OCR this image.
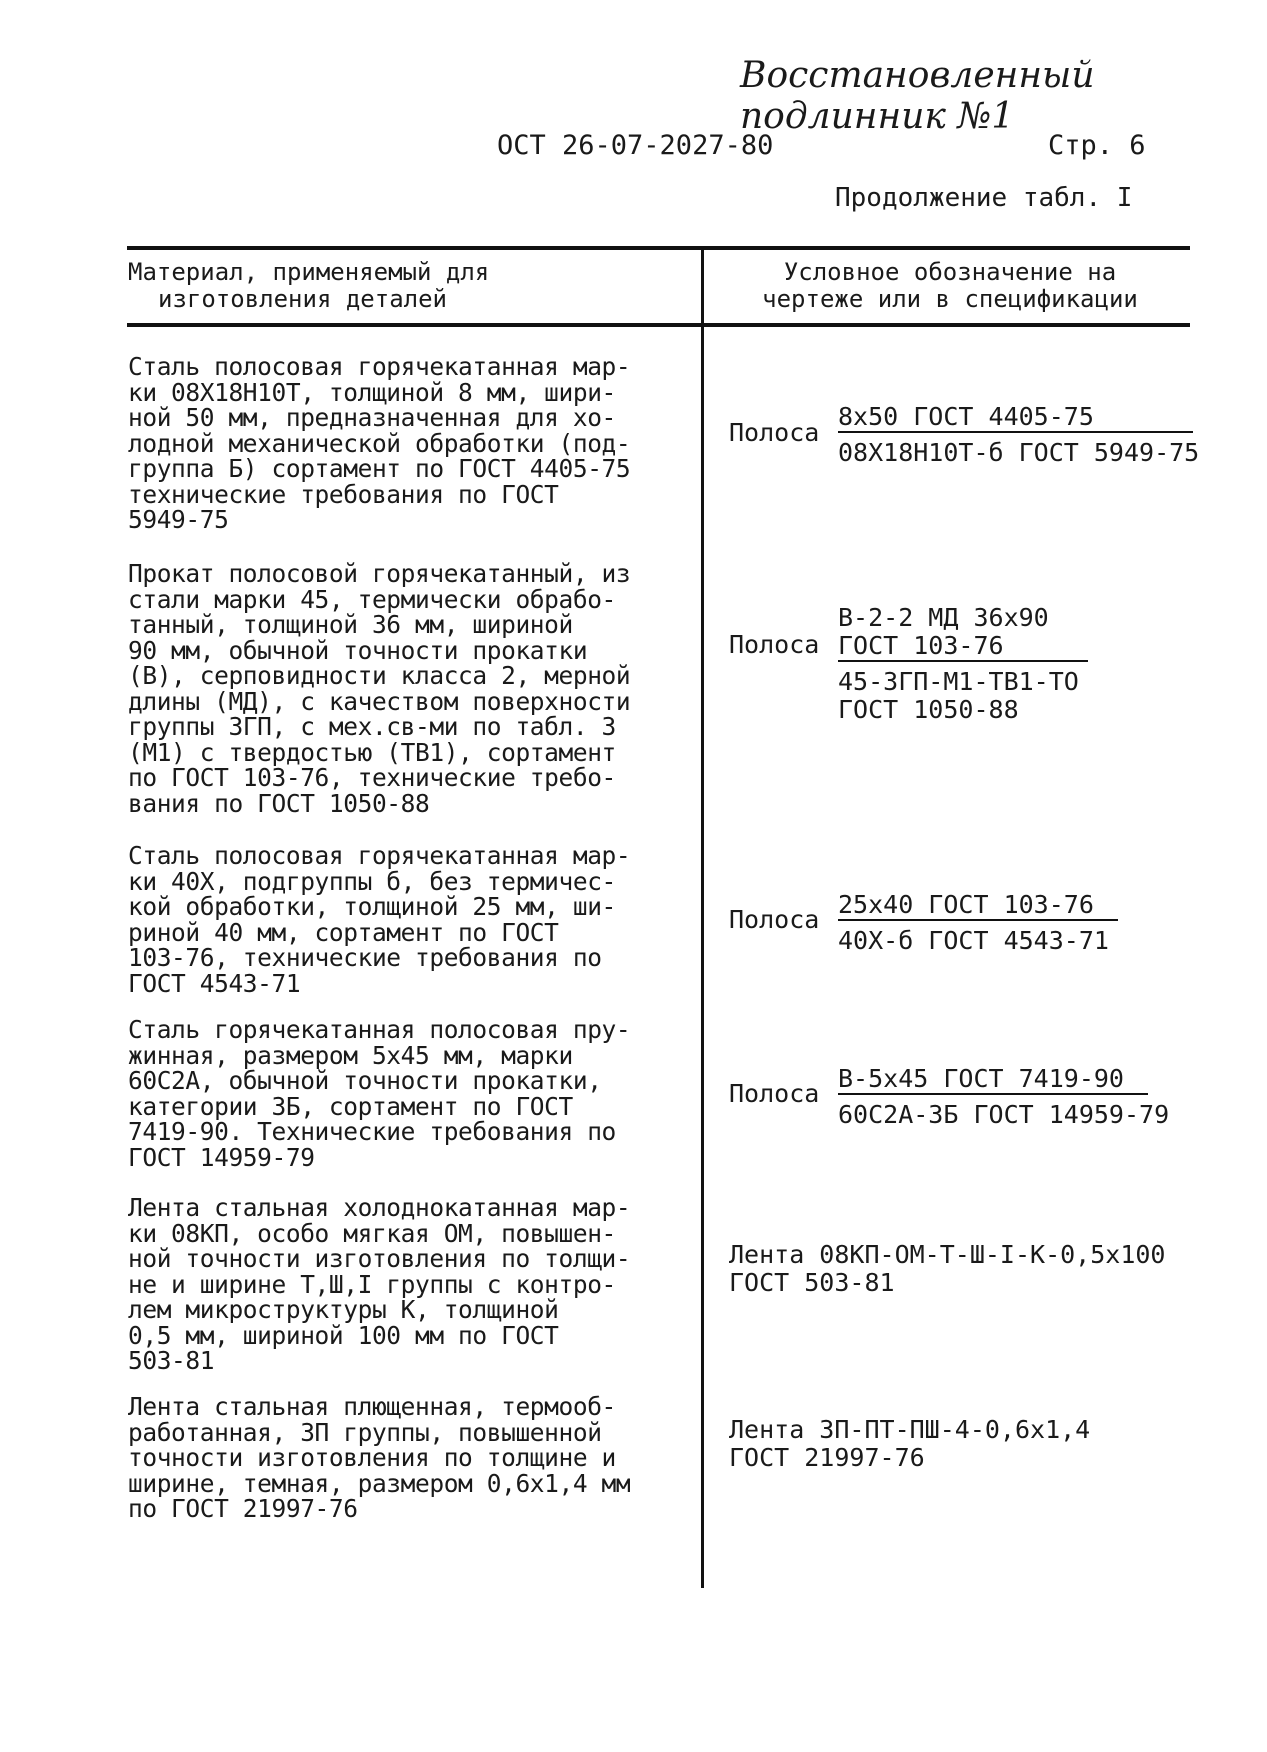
Восстановленный подлинник №1
ОСТ 26-07-2027-80	Стр. 6
Продолжение табл. I
Материал, применяемый для
изготовления деталей
Условное обозначение на
чертеже или в спецификации
Сталь полосовая горячекатанная мар-
ки 08Х18Н10Т, толщиной 8 мм, шири-
ной 50 мм, предназначенная для хо-
лодной механической обработки (под-
группа Б) сортамент по ГОСТ 4405-75
технические требования по ГОСТ
5949-75
Полоса
8х50 ГОСТ 4405-75
08Х18Н10Т-б ГОСТ 5949-75
Прокат полосовой горячекатанный, из
стали марки 45, термически обрабо-
танный, толщиной 36 мм, шириной
90 мм, обычной точности прокатки
(В), серповидности класса 2, мерной
длины (МД), с качеством поверхности
группы 3ГП, с мех.св-ми по табл. 3
(М1) с твердостью (ТВ1), сортамент
по ГОСТ 103-76, технические требо-
вания по ГОСТ 1050-88
Полоса
В-2-2 МД 36х90
ГОСТ 103-76
45-3ГП-М1-ТВ1-ТО
ГОСТ 1050-88
Сталь полосовая горячекатанная мар-
ки 40Х, подгруппы б, без термичес-
кой обработки, толщиной 25 мм, ши-
риной 40 мм, сортамент по ГОСТ
103-76, технические требования по
ГОСТ 4543-71
Полоса
25х40 ГОСТ 103-76
40Х-б ГОСТ 4543-71
Сталь горячекатанная полосовая пру-
жинная, размером 5х45 мм, марки
60С2А, обычной точности прокатки,
категории 3Б, сортамент по ГОСТ
7419-90. Технические требования по
ГОСТ 14959-79
Полоса
В-5х45 ГОСТ 7419-90
60С2А-3Б ГОСТ 14959-79
Лента стальная холоднокатанная мар-
ки 08КП, особо мягкая ОМ, повышен-
ной точности изготовления по толщи-
не и ширине Т,Ш,I группы с контро-
лем микроструктуры К, толщиной
0,5 мм, шириной 100 мм по ГОСТ
503-81
Лента 08КП-ОМ-Т-Ш-I-К-0,5х100
ГОСТ 503-81
Лента стальная плющенная, термооб-
работанная, 3П группы, повышенной
точности изготовления по толщине и
ширине, темная, размером 0,6х1,4 мм
по ГОСТ 21997-76
Лента 3П-ПТ-ПШ-4-0,6х1,4
ГОСТ 21997-76
